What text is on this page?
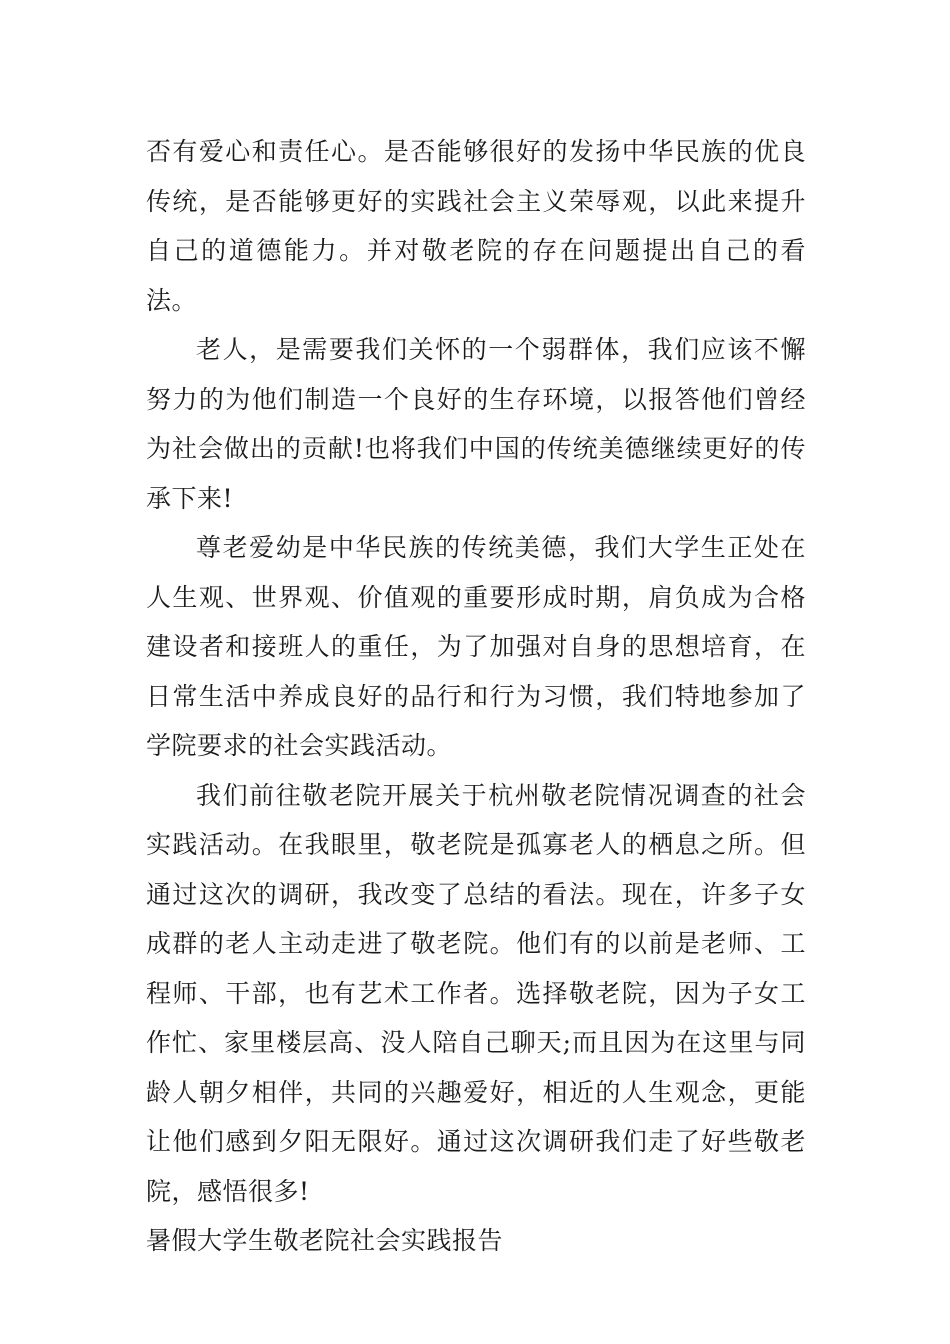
否有爱心和责任心。是否能够很好的发扬中华民族的优良传统，是否能够更好的实践社会主义荣辱观，以此来提升自己的道德能力。并对敬老院的存在问题提出自己的看法。

老人，是需要我们关怀的一个弱群体，我们应该不懈努力的为他们制造一个良好的生存环境，以报答他们曾经为社会做出的贡献!也将我们中国的传统美德继续更好的传承下来!

尊老爱幼是中华民族的传统美德，我们大学生正处在人生观、世界观、价值观的重要形成时期，肩负成为合格建设者和接班人的重任，为了加强对自身的思想培育，在日常生活中养成良好的品行和行为习惯，我们特地参加了学院要求的社会实践活动。

我们前往敬老院开展关于杭州敬老院情况调查的社会实践活动。在我眼里，敬老院是孤寡老人的栖息之所。但通过这次的调研，我改变了总结的看法。现在，许多子女成群的老人主动走进了敬老院。他们有的以前是老师、工程师、干部，也有艺术工作者。选择敬老院，因为子女工作忙、家里楼层高、没人陪自己聊天;而且因为在这里与同龄人朝夕相伴，共同的兴趣爱好，相近的人生观念，更能让他们感到夕阳无限好。通过这次调研我们走了好些敬老院，感悟很多!

暑假大学生敬老院社会实践报告
